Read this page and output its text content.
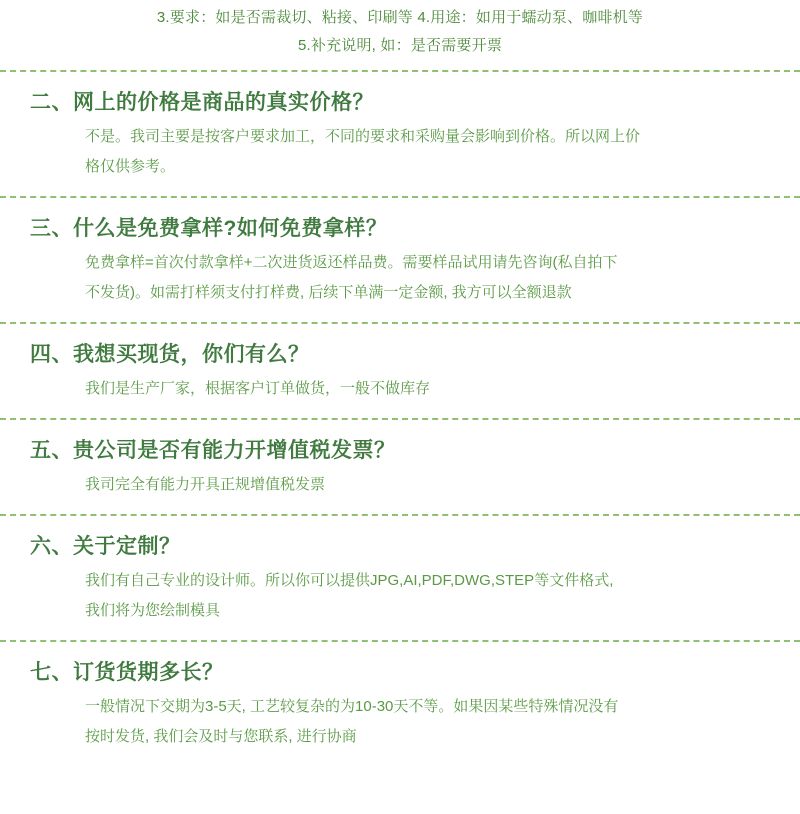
3.要求：如是否需裁切、粘接、印刷等 4.用途：如用于蠕动泵、咖啡机等
5.补充说明, 如：是否需要开票
二、网上的价格是商品的真实价格？
不是。我司主要是按客户要求加工，不同的要求和采购量会影响到价格。所以网上价
格仅供参考。
三、什么是免费拿样?如何免费拿样？
免费拿样=首次付款拿样+二次进货返还样品费。需要样品试用请先咨询(私自拍下
不发货)。如需打样须支付打样费, 后续下单满一定金额, 我方可以全额退款
四、我想买现货，你们有么？
我们是生产厂家，根据客户订单做货，一般不做库存
五、贵公司是否有能力开增值税发票？
我司完全有能力开具正规增值税发票
六、关于定制？
我们有自己专业的设计师。所以你可以提供JPG,AI,PDF,DWG,STEP等文件格式,
我们将为您绘制模具
七、订货货期多长？
一般情况下交期为3-5天, 工艺较复杂的为10-30天不等。如果因某些特殊情况没有
按时发货, 我们会及时与您联系, 进行协商
